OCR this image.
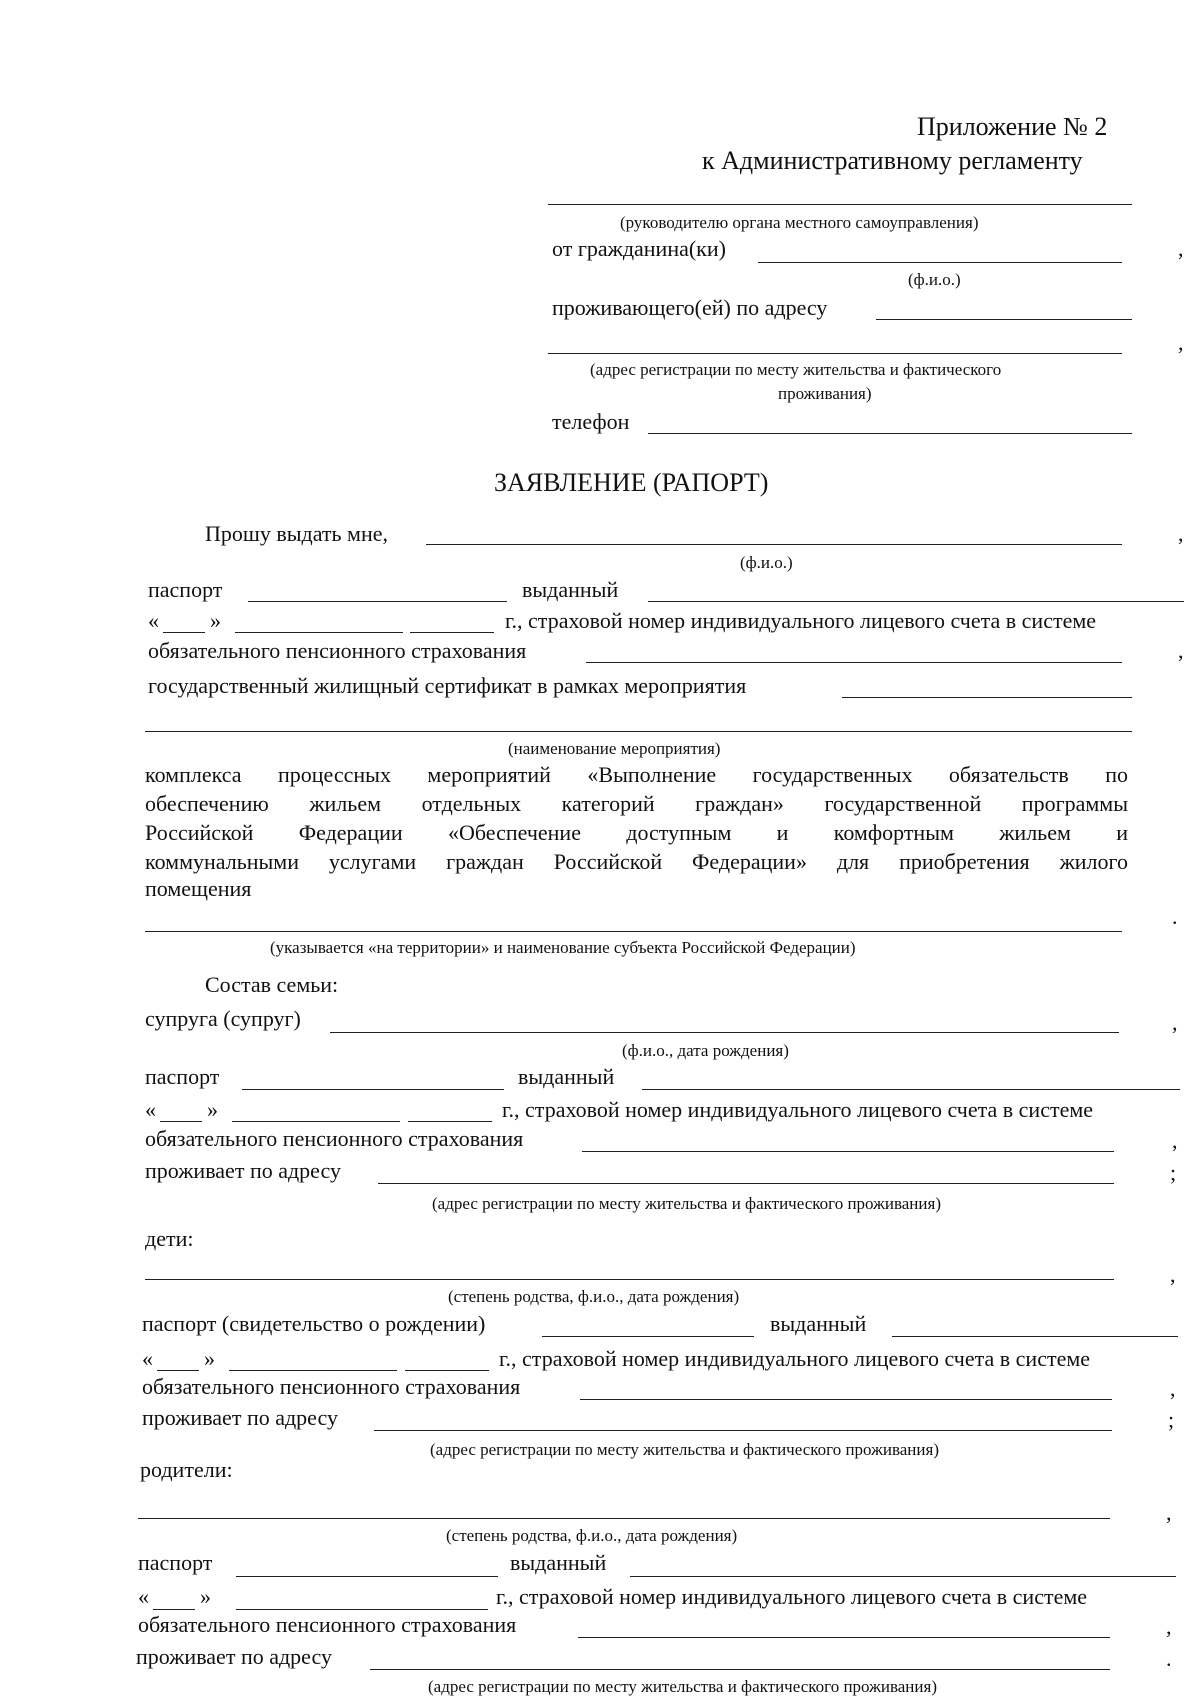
Приложение № 2
к Административному регламенту
(руководителю органа местного самоуправления)
от гражданина(ки)	,
(ф.и.о.)
проживающего(ей) по адресу
,
(адрес регистрации по месту жительства и фактического
проживания)
телефон
ЗАЯВЛЕНИЕ (РАПОРТ)
Прошу выдать мне,	,
(ф.и.о.)
паспорт	выданный
« »	г., страховой номер индивидуального лицевого счета в системе
обязательного пенсионного страхования	,
государственный жилищный сертификат в рамках мероприятия
(наименование мероприятия)
комплекса процессных мероприятий «Выполнение государственных обязательств по
обеспечению жильем отдельных категорий граждан» государственной программы
Российской Федерации «Обеспечение доступным и комфортным жильем и
коммунальными услугами граждан Российской Федерации» для приобретения жилого
помещения
.
(указывается «на территории» и наименование субъекта Российской Федерации)
Состав семьи:
супруга (супруг)	,
(ф.и.о., дата рождения)
паспорт	выданный
« »	г., страховой номер индивидуального лицевого счета в системе
обязательного пенсионного страхования	,
проживает по адресу	;
(адрес регистрации по месту жительства и фактического проживания)
дети:
,
(степень родства, ф.и.о., дата рождения)
паспорт (свидетельство о рождении)	выданный
« »	г., страховой номер индивидуального лицевого счета в системе
обязательного пенсионного страхования	,
проживает по адресу	;
(адрес регистрации по месту жительства и фактического проживания)
родители:
,
(степень родства, ф.и.о., дата рождения)
паспорт	выданный
« »	г., страховой номер индивидуального лицевого счета в системе
обязательного пенсионного страхования	,
проживает по адресу	.
(адрес регистрации по месту жительства и фактического проживания)
